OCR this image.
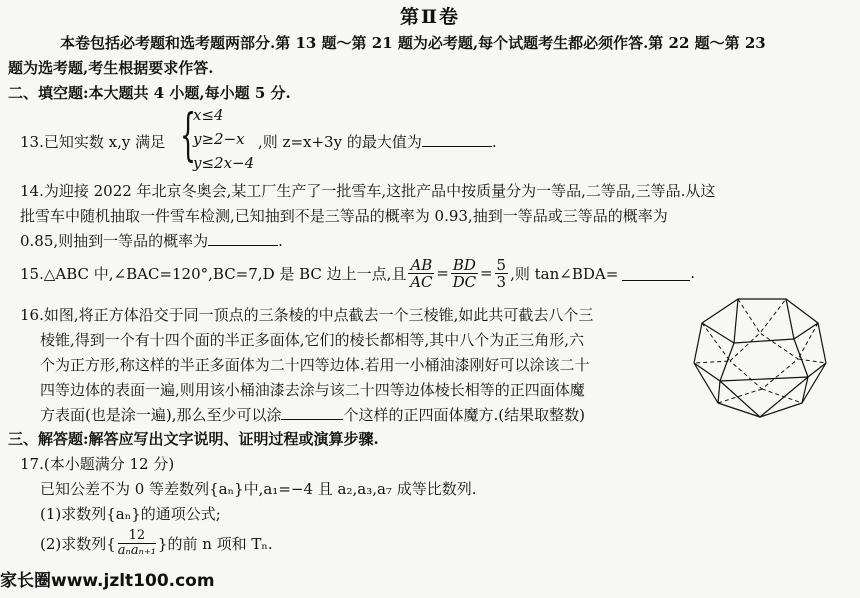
第Ⅱ卷
本卷包括必考题和选考题两部分.第 13 题～第 21 题为必考题,每个试题考生都必须作答.第 22 题～第 23
题为选考题,考生根据要求作答.
二、填空题:本大题共 4 小题,每小题 5 分.
13.已知实数 x,y 满足 {
x≤4
y≥2−x
y≤2x−4
,则 z=x+3y 的最大值为	.
14.为迎接 2022 年北京冬奥会,某工厂生产了一批雪车,这批产品中按质量分为一等品,二等品,三等品.从这
批雪车中随机抽取一件雪车检测,已知抽到不是三等品的概率为 0.93,抽到一等品或三等品的概率为
0.85,则抽到一等品的概率为	.
15.△ABC 中,∠BAC=120°,BC=7,D 是 BC 边上一点,且 $\frac{AB}{AC} = \frac{BD}{DC} = \frac{5}{3}$ ,则 tan∠BDA=	.
16.如图,将正方体沿交于同一顶点的三条棱的中点截去一个三棱锥,如此共可截去八个三
棱锥,得到一个有十四个面的半正多面体,它们的棱长都相等,其中八个为正三角形,六
个为正方形,称这样的半正多面体为二十四等边体.若用一小桶油漆刚好可以涂该二十
四等边体的表面一遍,则用该小桶油漆去涂与该二十四等边体棱长相等的正四面体魔
方表面(也是涂一遍),那么至少可以涂	个这样的正四面体魔方.(结果取整数)
三、解答题:解答应写出文字说明、证明过程或演算步骤.
17.(本小题满分 12 分)
已知公差不为 0 等差数列{aₙ}中,a₁=−4 且 a₂,a₃,a₇ 成等比数列.
(1)求数列{aₙ}的通项公式;
(2)求数列{ $\frac{12}{\text{aₙaₙ₊₁}}$ }的前 n 项和 Tₙ.
家长圈www.jzlt100.com
